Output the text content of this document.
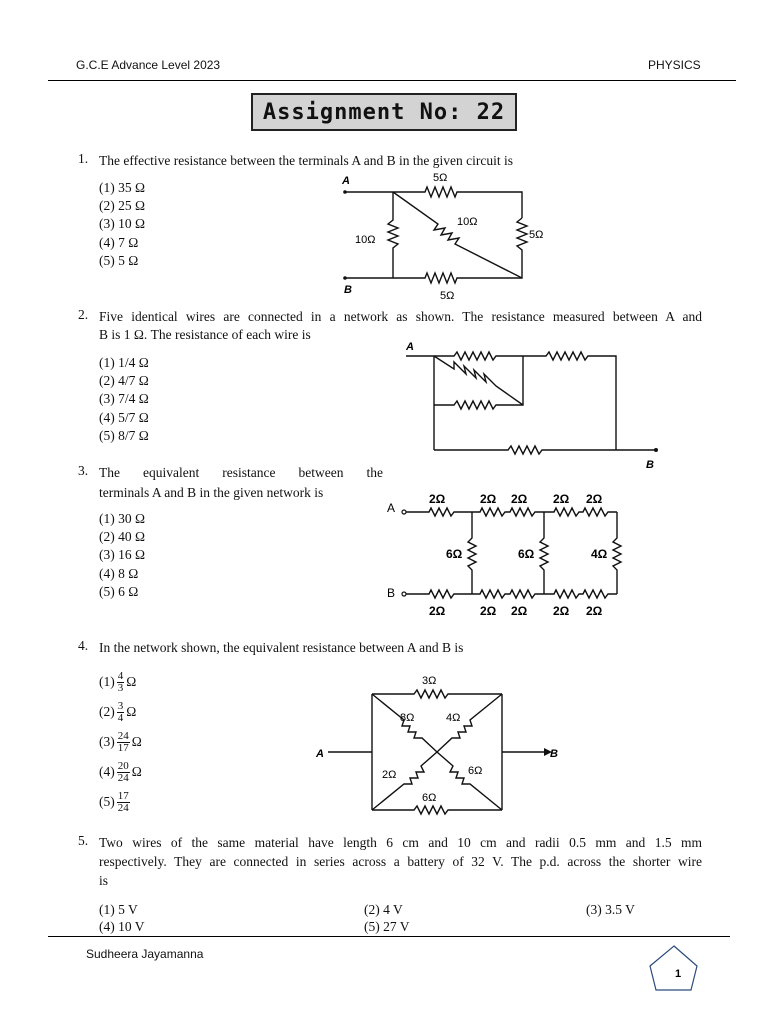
G.C.E Advance Level 2023	PHYSICS
Assignment No: 22
1. The effective resistance between the terminals A and B in the given circuit is
(1) 35 Ω
(2) 25 Ω
(3) 10 Ω
(4) 7 Ω
(5) 5 Ω
A
B
5Ω
5Ω
10Ω
10Ω
5Ω
2. Five identical wires are connected in a network as shown. The resistance measured between A and
B is 1 Ω. The resistance of each wire is
(1) 1/4 Ω
(2) 4/7 Ω
(3) 7/4 Ω
(4) 5/7 Ω
(5) 8/7 Ω
A
B
3. The equivalent resistance between the
terminals A and B in the given network is
(1) 30 Ω
(2) 40 Ω
(3) 16 Ω
(4) 8 Ω
(5) 6 Ω
A
B
2Ω	2Ω 2Ω 2Ω 2Ω
2Ω	2Ω 2Ω 2Ω 2Ω
6Ω	6Ω	4Ω
4. In the network shown, the equivalent resistance between A and B is
$(1) \frac{4}{3}$ Ω
$(2) \frac{3}{4}$ Ω
$(3) \frac{24}{17}$ Ω
$(4) \frac{20}{24}$ Ω
$(5) \frac{17}{24}$
A	B
3Ω
6Ω
8Ω	4Ω
2Ω	6Ω
5. Two wires of the same material have length 6 cm and 10 cm and radii 0.5 mm and 1.5 mm
respectively. They are connected in series across a battery of 32 V. The p.d. across the shorter wire
is
(1) 5 V	(2) 4 V	(3) 3.5 V
(4) 10 V	(5) 27 V
Sudheera Jayamanna
1
